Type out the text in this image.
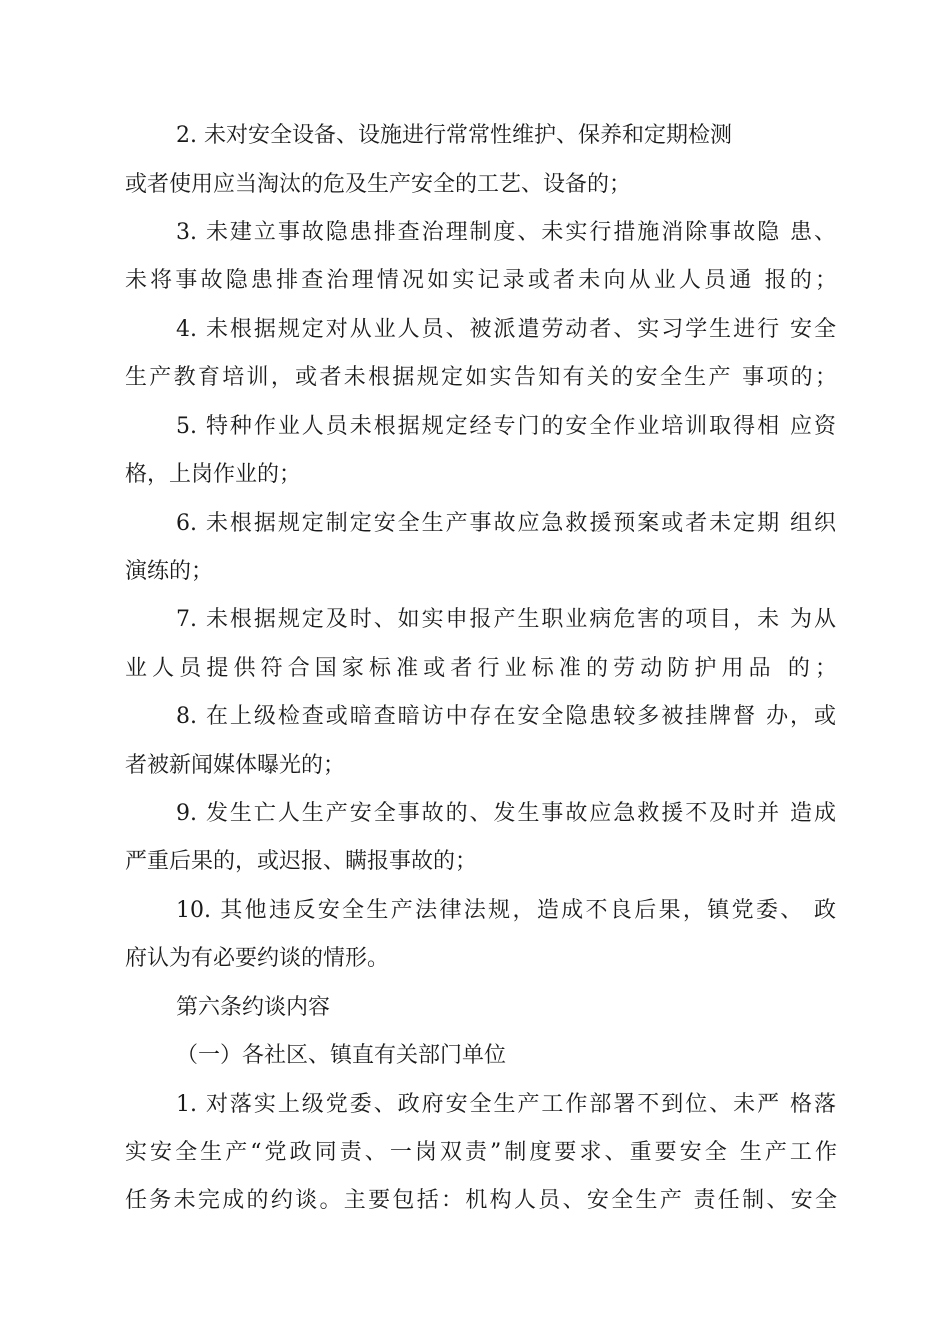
2. 未对安全设备、设施进行常常性维护、保养和定期检测
或者使用应当淘汰的危及生产安全的工艺、设备的；
3. 未建立事故隐患排查治理制度、未实行措施消除事故隐 患、
未将事故隐患排查治理情况如实记录或者未向从业人员通 报的；
4. 未根据规定对从业人员、被派遣劳动者、实习学生进行 安全
生产教育培训，或者未根据规定如实告知有关的安全生产 事项的；
5. 特种作业人员未根据规定经专门的安全作业培训取得相 应资
格，上岗作业的；
6. 未根据规定制定安全生产事故应急救援预案或者未定期 组织
演练的；
7. 未根据规定及时、如实申报产生职业病危害的项目，未 为从
业人员提供符合国家标准或者行业标准的劳动防护用品 的；
8. 在上级检查或暗查暗访中存在安全隐患较多被挂牌督 办，或
者被新闻媒体曝光的；
9. 发生亡人生产安全事故的、发生事故应急救援不及时并 造成
严重后果的，或迟报、瞒报事故的；
10. 其他违反安全生产法律法规，造成不良后果，镇党委、 政
府认为有必要约谈的情形。
第六条约谈内容
（一）各社区、镇直有关部门单位
1. 对落实上级党委、政府安全生产工作部署不到位、未严 格落
实安全生产“党政同责、一岗双责”制度要求、重要安全 生产工作
任务未完成的约谈。主要包括：机构人员、安全生产 责任制、安全
